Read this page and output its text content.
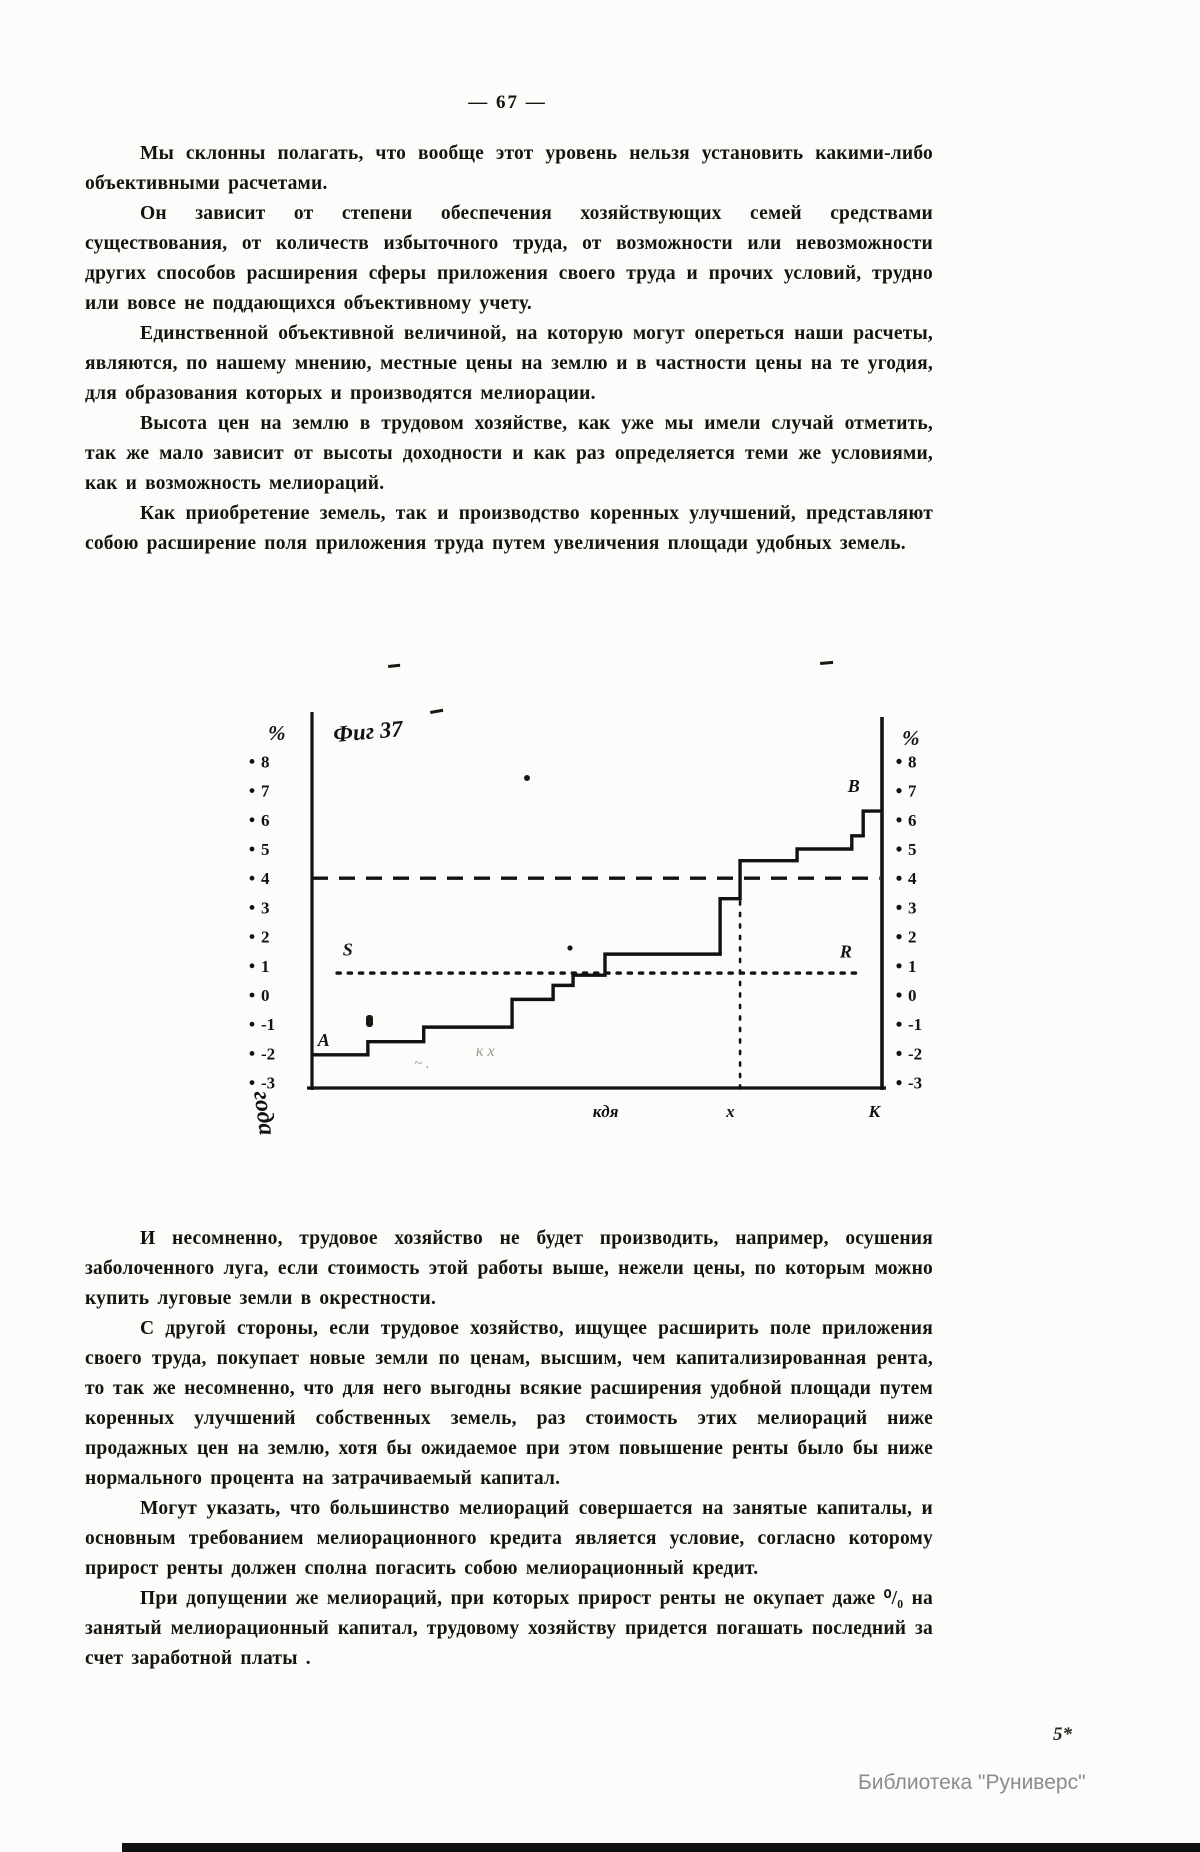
— 67 —

Мы склонны полагать, что вообще этот уровень нельзя установить какими-либо объективными расчетами.

Он зависит от степени обеспечения хозяйствующих семей средствами существования, от количеств избыточного труда, от возможности или невозможности других способов расширения сферы приложения своего труда и прочих условий, трудно или вовсе не поддающихся объективному учету.

Единственной объективной величиной, на которую могут опереться наши расчеты, являются, по нашему мнению, местные цены на землю и в частности цены на те угодия, для образования которых и производятся мелиорации.

Высота цен на землю в трудовом хозяйстве, как уже мы имели случай отметить, так же мало зависит от высоты доходности и как раз определяется теми же условиями, как и возможность мелиораций.

Как приобретение земель, так и производство коренных улучшений, представляют собою расширение поля приложения труда путем увеличения площади удобных земель.

к х
~ .
8	8
7	7
6	6
5	5
4	4
3	3
2	2
1	1
0	0
-1	-1
-2	-2
-3	-3
%	%
Фиг 37
S	R
A
B
кдя	х	К
года

И несомненно, трудовое хозяйство не будет производить, например, осушения заболоченного луга, если стоимость этой работы выше, нежели цены, по которым можно купить луговые земли в окрестности.

С другой стороны, если трудовое хозяйство, ищущее расширить поле приложения своего труда, покупает новые земли по ценам, высшим, чем капитализированная рента, то так же несомненно, что для него выгодны всякие расширения удобной площади путем коренных улучшений собственных земель, раз стоимость этих мелиораций ниже продажных цен на землю, хотя бы ожидаемое при этом повышение ренты было бы ниже нормального процента на затрачиваемый капитал.

Могут указать, что большинство мелиораций совершается на занятые капиталы, и основным требованием мелиорационного кредита является условие, согласно которому прирост ренты должен сполна погасить собою мелиорационный кредит.

При допущении же мелиораций, при которых прирост ренты не окупает даже ⁰/₀ на занятый мелиорационный капитал, трудовому хозяйству придется погашать последний за счет заработной платы .

5*
Библиотека "Руниверс"
